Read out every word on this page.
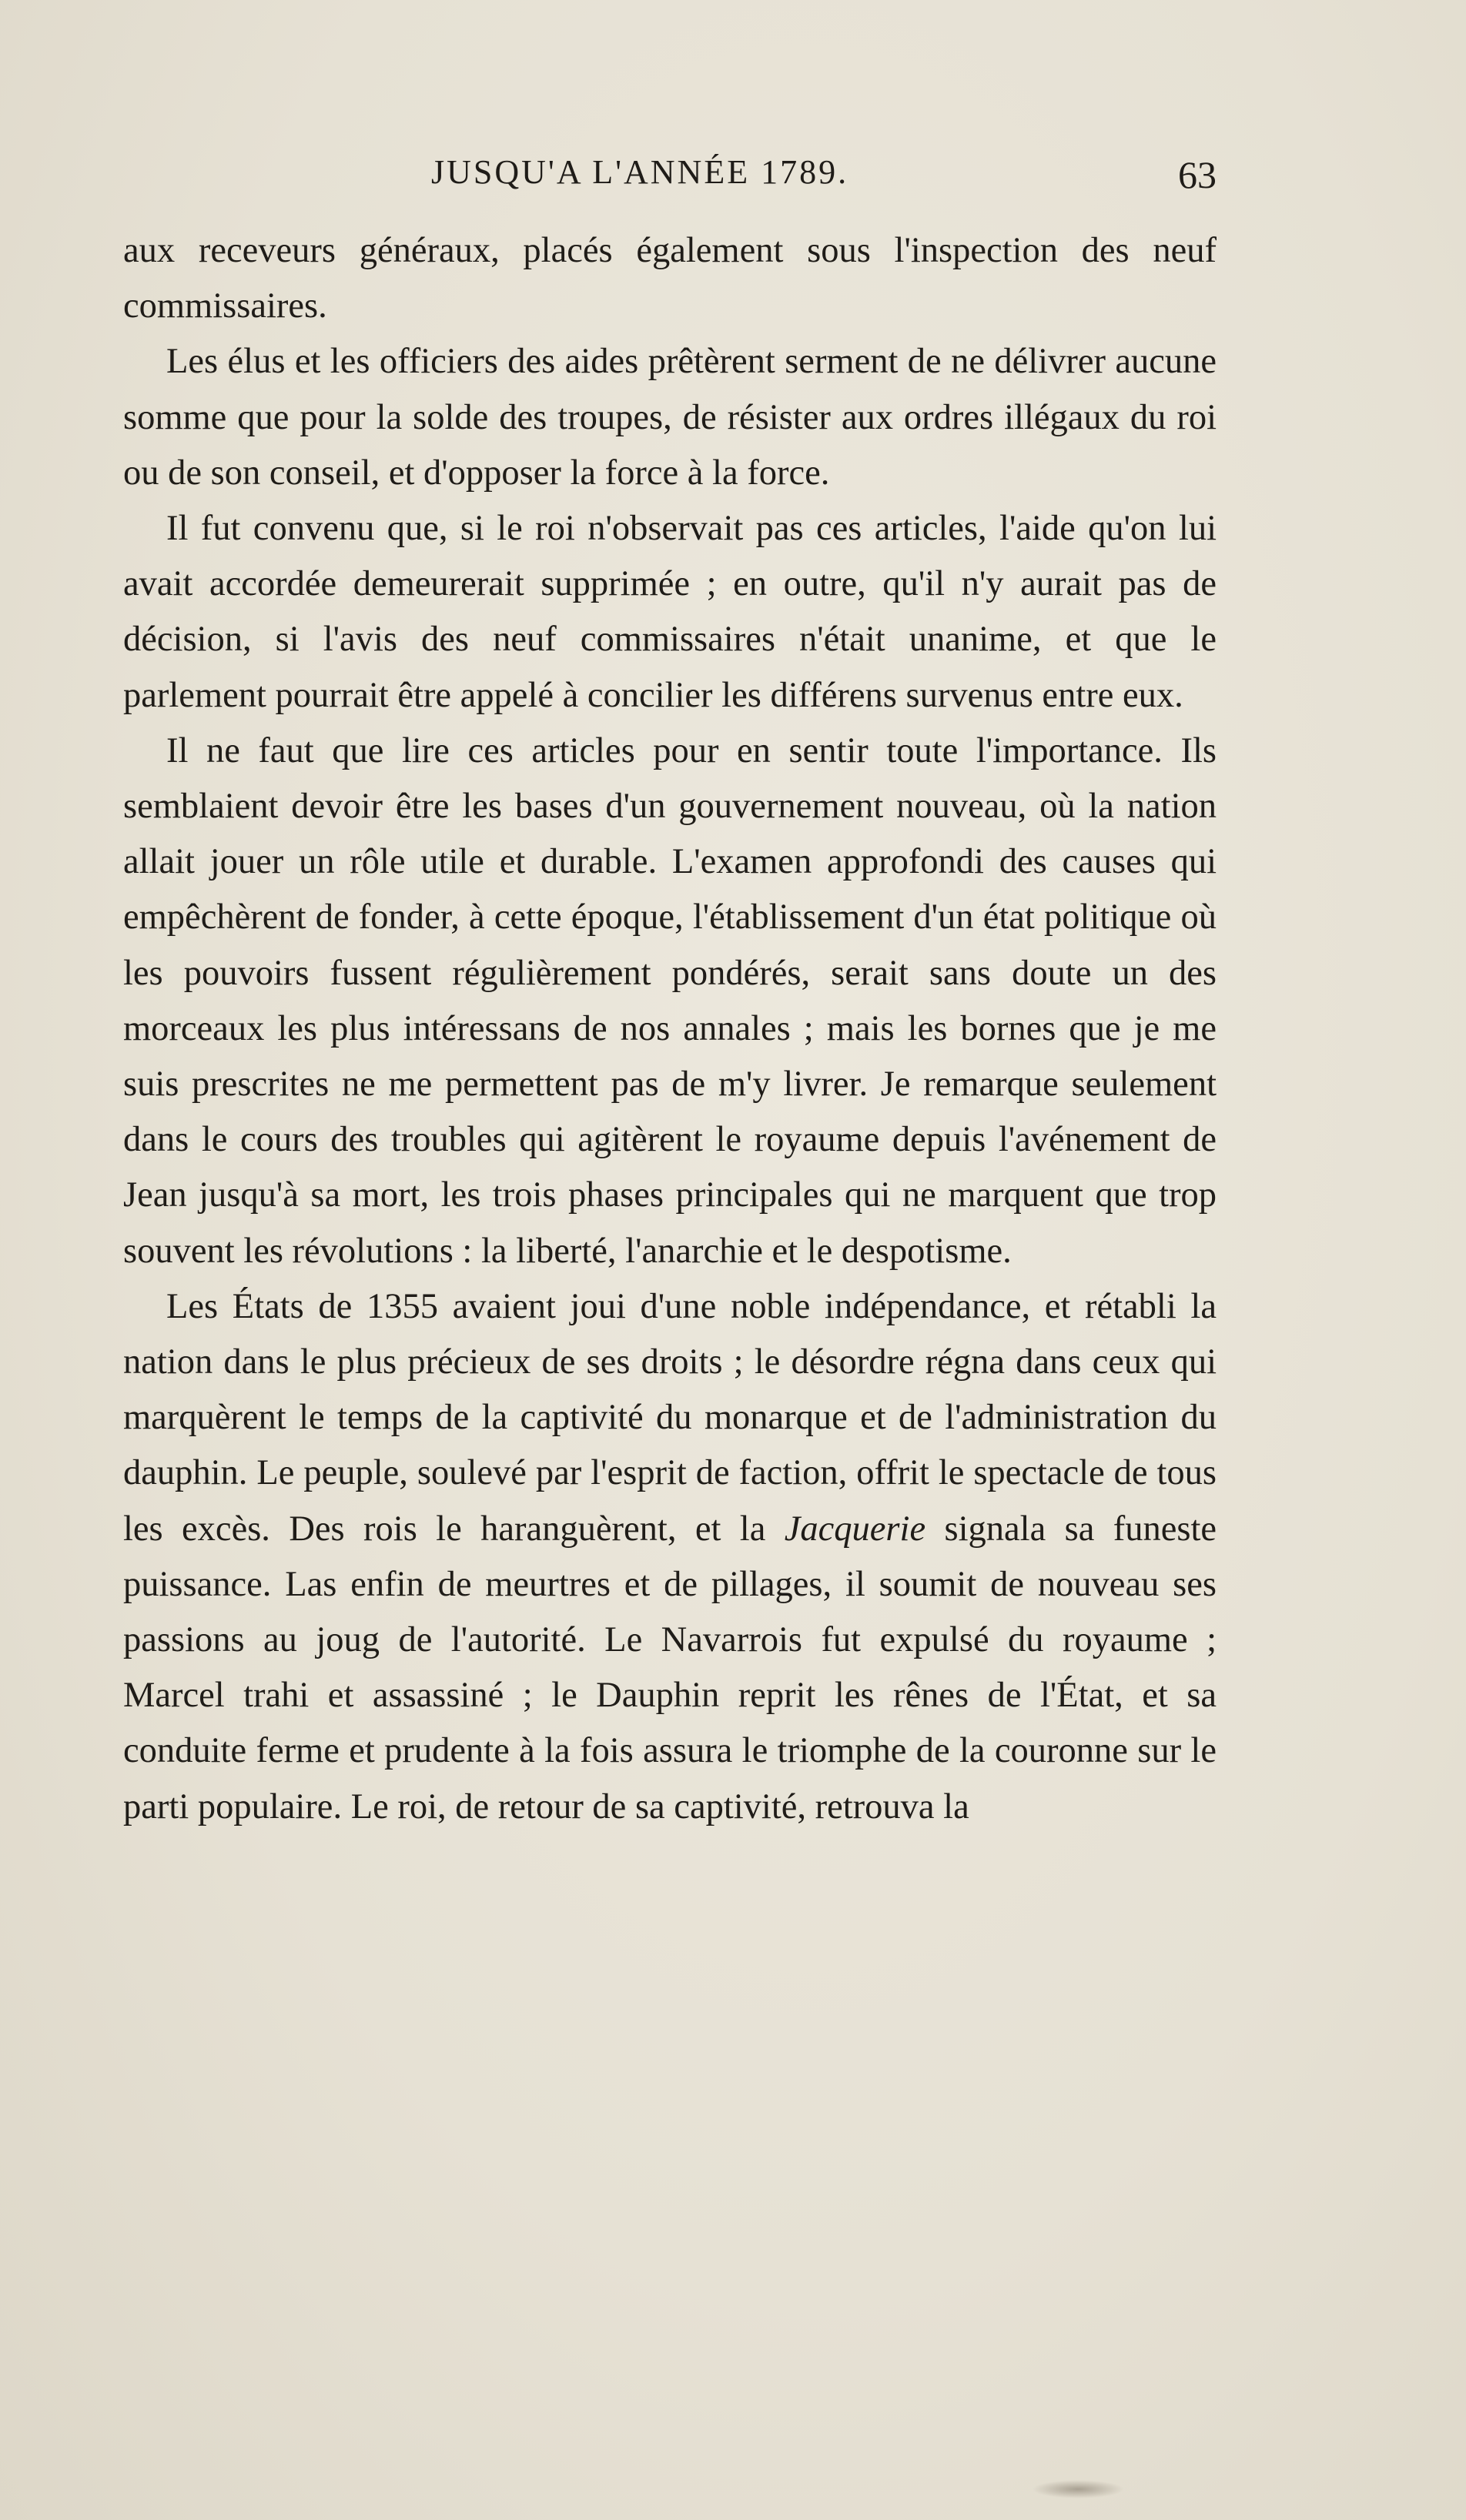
JUSQU'A L'ANNÉE 1789.	63

aux receveurs généraux, placés également sous l'inspection des neuf commissaires.

Les élus et les officiers des aides prêtèrent serment de ne délivrer aucune somme que pour la solde des troupes, de résister aux ordres illégaux du roi ou de son conseil, et d'opposer la force à la force.

Il fut convenu que, si le roi n'observait pas ces articles, l'aide qu'on lui avait accordée demeurerait supprimée ; en outre, qu'il n'y aurait pas de décision, si l'avis des neuf commissaires n'était unanime, et que le parlement pourrait être appelé à concilier les différens survenus entre eux.

Il ne faut que lire ces articles pour en sentir toute l'importance. Ils semblaient devoir être les bases d'un gouvernement nouveau, où la nation allait jouer un rôle utile et durable. L'examen approfondi des causes qui empêchèrent de fonder, à cette époque, l'établissement d'un état politique où les pouvoirs fussent régulièrement pondérés, serait sans doute un des morceaux les plus intéressans de nos annales ; mais les bornes que je me suis prescrites ne me permettent pas de m'y livrer. Je remarque seulement dans le cours des troubles qui agitèrent le royaume depuis l'avénement de Jean jusqu'à sa mort, les trois phases principales qui ne marquent que trop souvent les révolutions : la liberté, l'anarchie et le despotisme.

Les États de 1355 avaient joui d'une noble indépendance, et rétabli la nation dans le plus précieux de ses droits ; le désordre régna dans ceux qui marquèrent le temps de la captivité du monarque et de l'administration du dauphin. Le peuple, soulevé par l'esprit de faction, offrit le spectacle de tous les excès. Des rois le haranguèrent, et la Jacquerie signala sa funeste puissance. Las enfin de meurtres et de pillages, il soumit de nouveau ses passions au joug de l'autorité. Le Navarrois fut expulsé du royaume ; Marcel trahi et assassiné ; le Dauphin reprit les rênes de l'État, et sa conduite ferme et prudente à la fois assura le triomphe de la couronne sur le parti populaire. Le roi, de retour de sa captivité, retrouva la
